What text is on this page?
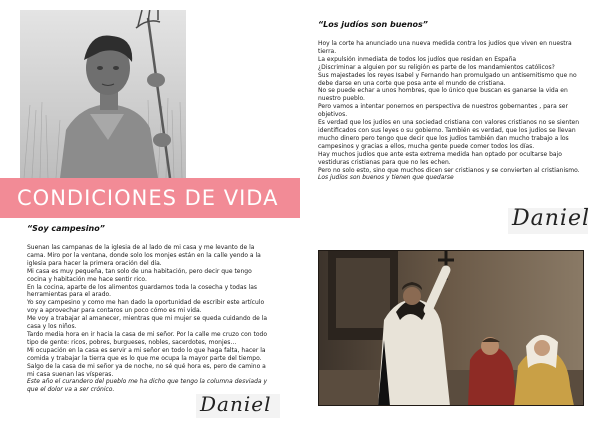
CONDICIONES DE VIDA
“Soy campesino”

Suenan las campanas de la iglesia de al lado de mi casa y me levanto de la cama. Miro por la ventana, donde solo los monjes están en la calle yendo a la iglesia para hacer la primera oración del día.

Mi casa es muy pequeña, tan solo de una habitación, pero decir que tengo cocina y habitación me hace sentir rico.

En la cocina, aparte de los alimentos guardamos toda la cosecha y todas las herramientas para el arado.

Yo soy campesino y como me han dado la oportunidad de escribir este artículo voy a aprovechar para contaros un poco cómo es mi vida.

Me voy a trabajar al amanecer, mientras que mi mujer se queda cuidando de la casa y los niños.

Tardo media hora en ir hacia la casa de mi señor. Por la calle me cruzo con todo tipo de gente: ricos, pobres, burgueses, nobles, sacerdotes, monjes…

Mi ocupación en la casa es servir a mi señor en todo lo que haga falta, hacer la comida y trabajar la tierra que es lo que me ocupa la mayor parte del tiempo.

Salgo de la casa de mi señor ya de noche, no sé qué hora es, pero de camino a mi casa suenan las vísperas.

Este año el curandero del pueblo me ha dicho que tengo la columna desviada y que el dolor va a ser crónico.

Daniel
“Los judíos son buenos”

Hoy la corte ha anunciado una nueva medida contra los judíos que viven en nuestra tierra.

La expulsión inmediata de todos los judíos que residan en España

¿Discriminar a alguien por su religión es parte de los mandamientos católicos?

Sus majestades los reyes Isabel y Fernando han promulgado un antisemitismo que no debe darse en una corte que posa ante el mundo de cristiana.

No se puede echar a unos hombres, que lo único que buscan es ganarse la vida en nuestro pueblo.

Pero vamos a intentar ponernos en perspectiva de nuestros gobernantes , para ser objetivos.

Es verdad que los judíos en una sociedad cristiana con valores cristianos no se sienten identificados con sus leyes o su gobierno. También es verdad, que los judíos se llevan mucho dinero pero tengo que decir que los judíos también dan mucho trabajo a los campesinos y gracias a ellos, mucha gente puede comer todos los días.

Hay muchos judíos que ante esta extrema medida han optado por ocultarse bajo vestiduras cristianas para que no les echen.

Pero no solo esto, sino que muchos dicen ser cristianos y se convierten al cristianismo.

Los judíos son buenos y tienen que quedarse

Daniel
